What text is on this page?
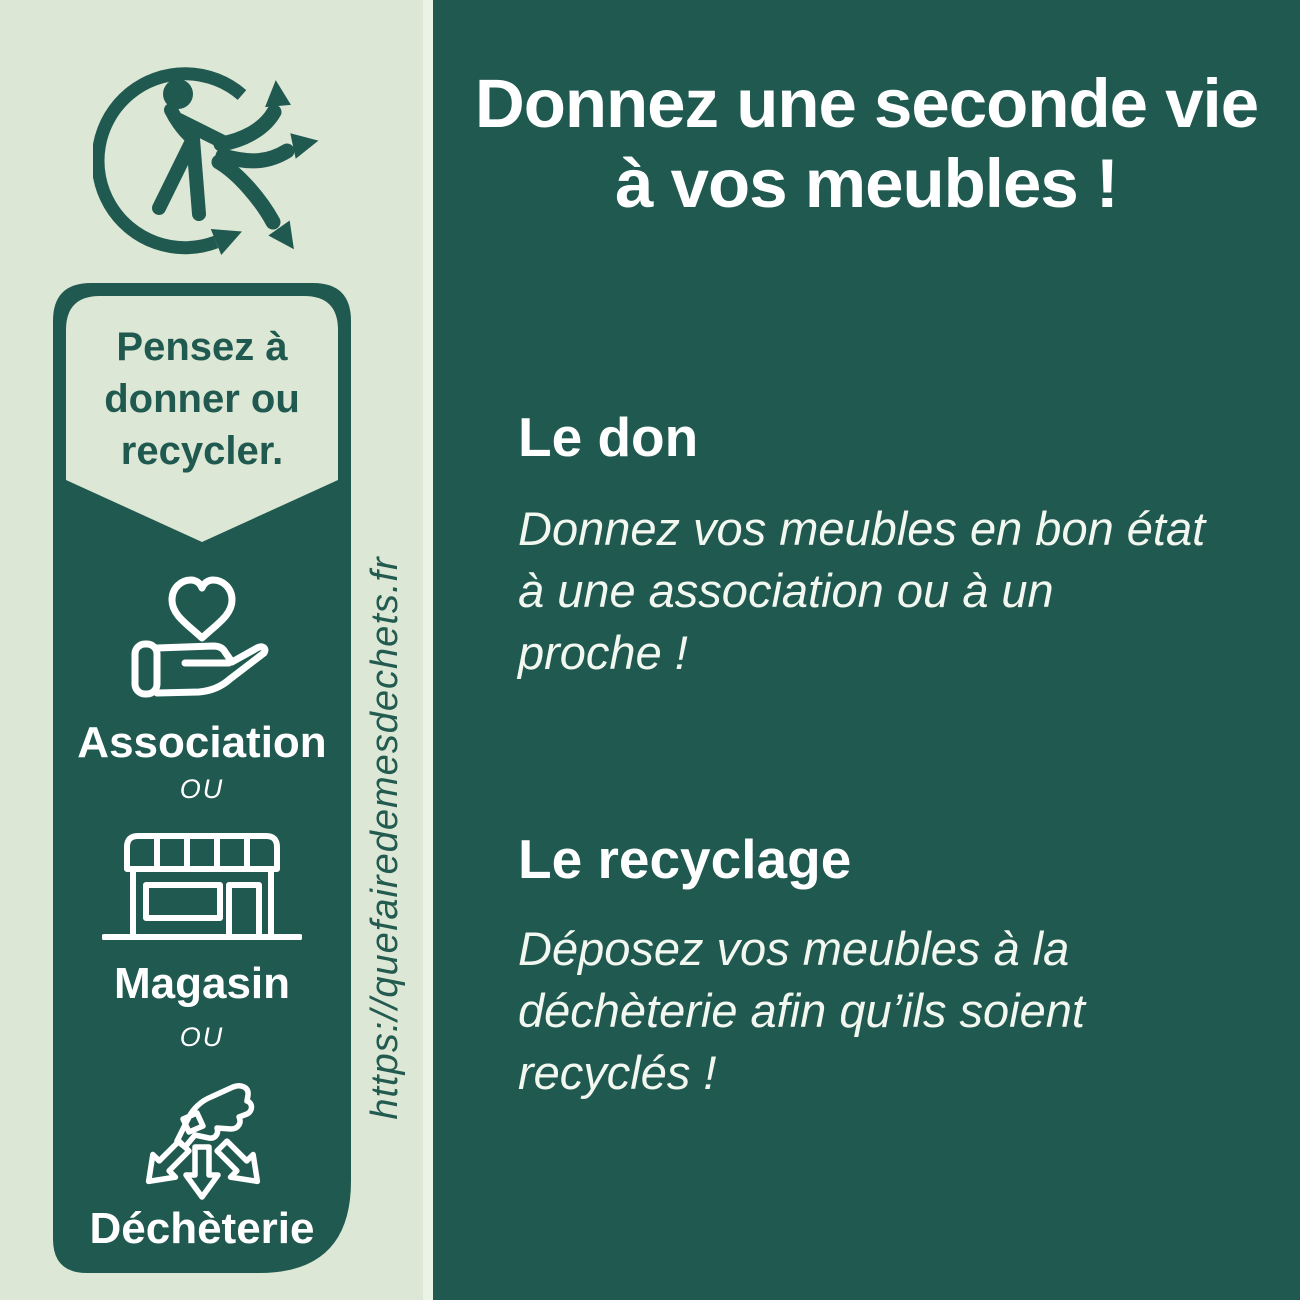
Pensez à
donner ou
recycler.
Association
OU
Magasin
OU
Déchèterie
https://quefairedemesdechets.fr
Donnez une seconde vie
à vos meubles !
Le don
Donnez vos meubles en bon état à une association ou à un proche !
Le recyclage
Déposez vos meubles à la déchèterie afin qu’ils soient recyclés !
